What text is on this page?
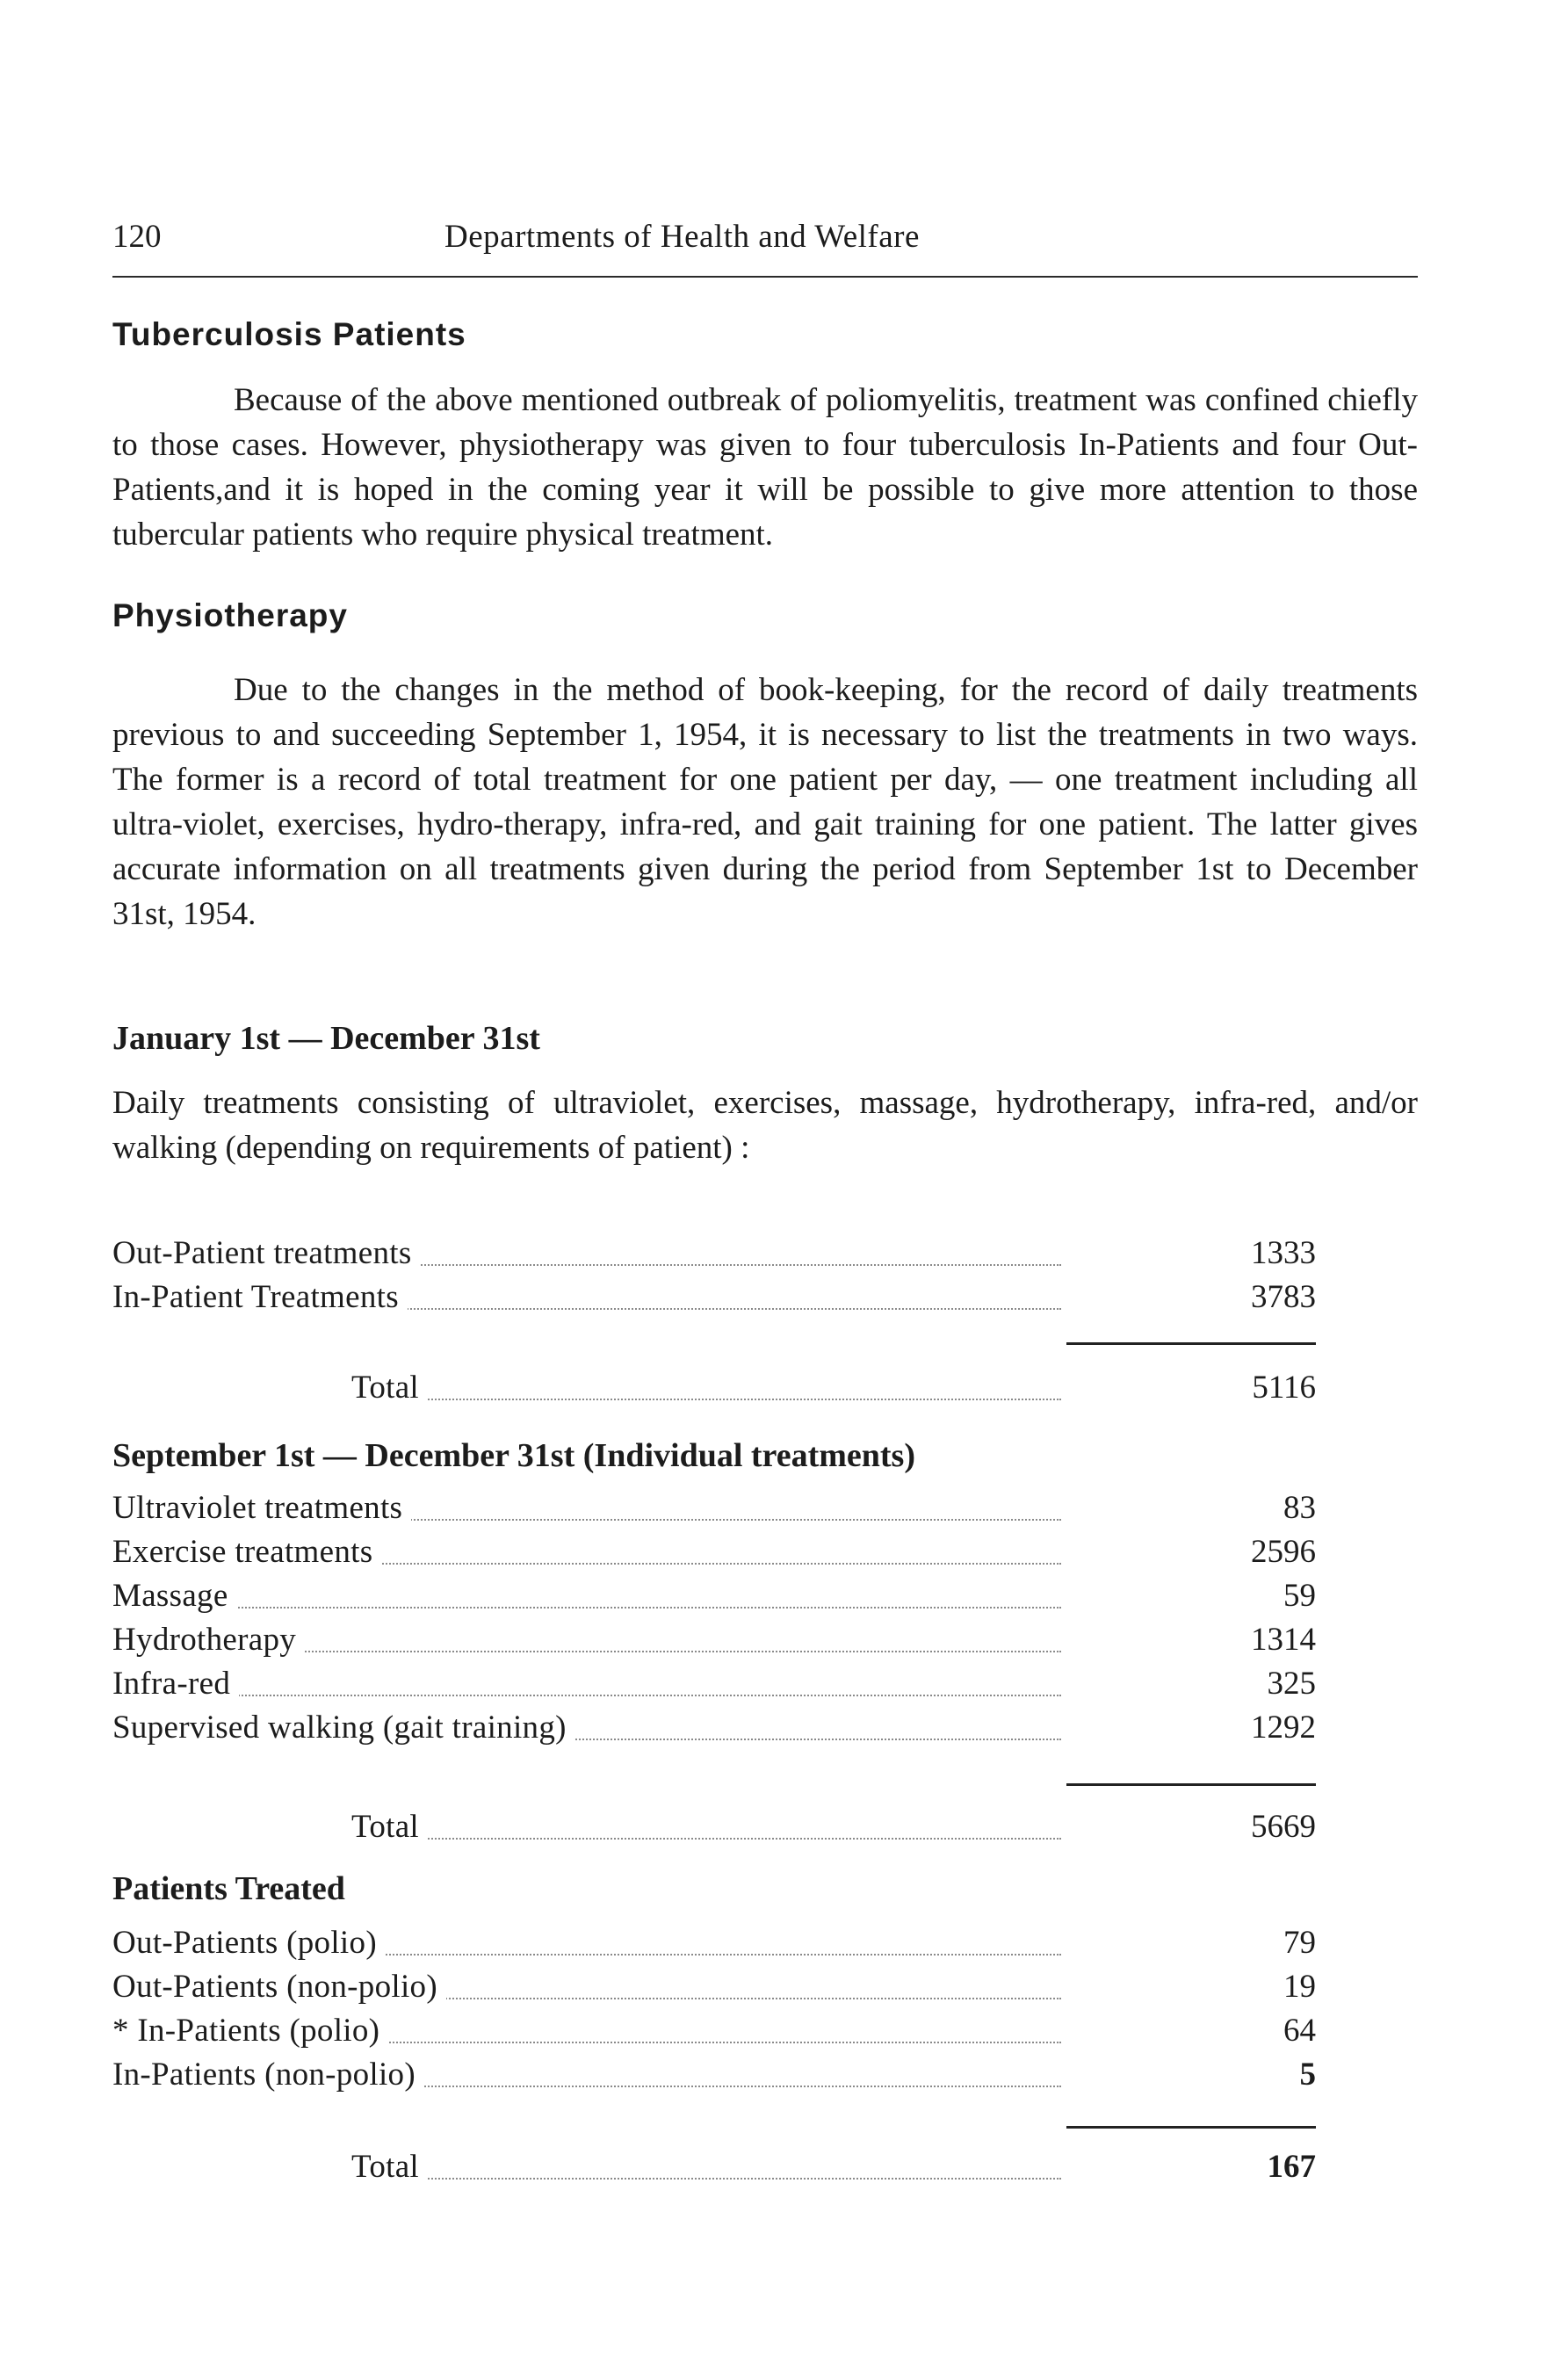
120	Departments of Health and Welfare
Tuberculosis Patients
Because of the above mentioned outbreak of poliomyelitis, treatment was confined chiefly to those cases. However, physiotherapy was given to four tuberculosis In-Patients and four Out-Patients,and it is hoped in the coming year it will be possible to give more attention to those tubercular patients who require physical treatment.
Physiotherapy
Due to the changes in the method of book-keeping, for the record of daily treatments previous to and succeeding September 1, 1954, it is necessary to list the treatments in two ways. The former is a record of total treatment for one patient per day, — one treatment including all ultra-violet, exercises, hydro-therapy, infra-red, and gait training for one patient. The latter gives accurate information on all treatments given during the period from September 1st to December 31st, 1954.
January 1st — December 31st
Daily treatments consisting of ultraviolet, exercises, massage, hydrotherapy, infra-red, and/or walking (depending on requirements of patient) :
Out-Patient treatments	1333
In-Patient Treatments	3783
Total	5116
September 1st — December 31st (Individual treatments)
Ultraviolet treatments	83
Exercise treatments	2596
Massage	59
Hydrotherapy	1314
Infra-red	325
Supervised walking (gait training)	1292
Total	5669
Patients Treated
Out-Patients (polio)	79
Out-Patients (non-polio)	19
* In-Patients (polio)	64
In-Patients (non-polio)	5
Total	167
